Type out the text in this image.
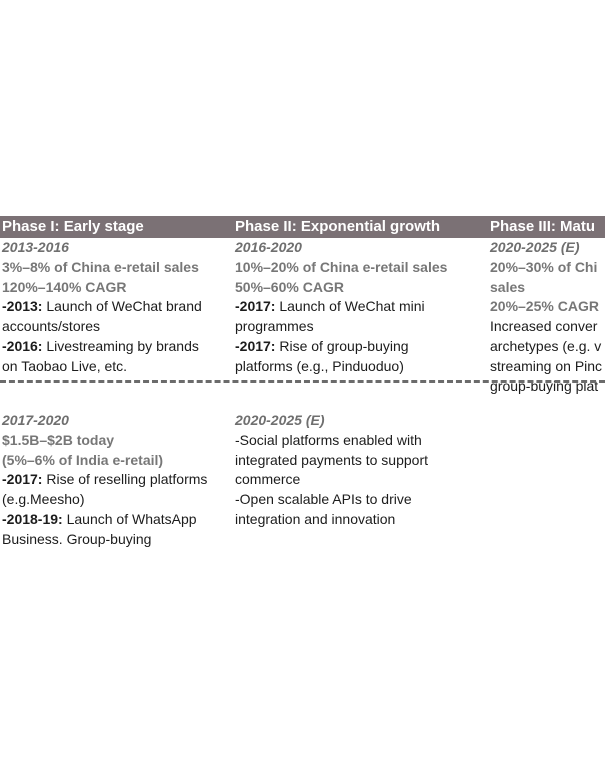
Phase I: Early stage	Phase II: Exponential growth	Phase III: Matu
2013-2016
3%–8% of China e-retail sales
120%–140% CAGR
-2013: Launch of WeChat brand
accounts/stores
-2016: Livestreaming by brands
on Taobao Live, etc.
2016-2020
10%–20% of China e-retail sales
50%–60% CAGR
-2017: Launch of WeChat mini
programmes
-2017: Rise of group-buying
platforms (e.g., Pinduoduo)
2020-2025 (E)
20%–30% of Chi
sales
20%–25% CAGR
Increased conver
archetypes (e.g. v
streaming on Pinc
group-buying plat
2017-2020
$1.5B–$2B today
(5%–6% of India e-retail)
-2017: Rise of reselling platforms
(e.g.Meesho)
-2018-19: Launch of WhatsApp
Business. Group-buying
2020-2025 (E)
-Social platforms enabled with
integrated payments to support
commerce
-Open scalable APIs to drive
integration and innovation
